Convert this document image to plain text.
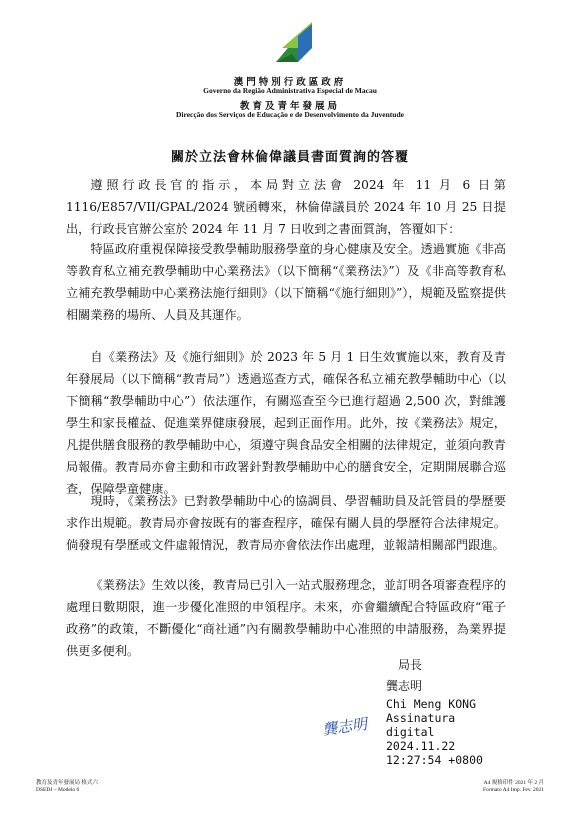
澳門特別行政區政府
Governo da Região Administrativa Especial de Macau
教育及青年發展局
Direcção dos Serviços de Educação e de Desenvolvimento da Juventude
關於立法會林倫偉議員書面質詢的答覆

遵照行政長官的指示，本局對立法會 2024 年 11 月 6 日第1116/E857/VII/GPAL/2024 號函轉來，林倫偉議員於 2024 年 10 月 25 日提出，行政長官辦公室於 2024 年 11 月 7 日收到之書面質詢，答覆如下：

特區政府重視保障接受教學輔助服務學童的身心健康及安全。透過實施《非高等教育私立補充教學輔助中心業務法》（以下簡稱“《業務法》”）及《非高等教育私立補充教學輔助中心業務法施行細則》（以下簡稱“《施行細則》”），規範及監察提供相關業務的場所、人員及其運作。

自《業務法》及《施行細則》於 2023 年 5 月 1 日生效實施以來，教育及青年發展局（以下簡稱“教青局”）透過巡查方式，確保各私立補充教學輔助中心（以下簡稱“教學輔助中心”）依法運作，有關巡查至今已進行超過 2,500 次，對維護學生和家長權益、促進業界健康發展，起到正面作用。此外，按《業務法》規定，凡提供膳食服務的教學輔助中心，須遵守與食品安全相關的法律規定，並須向教青局報備。教青局亦會主動和市政署針對教學輔助中心的膳食安全，定期開展聯合巡查，保障學童健康。

現時，《業務法》已對教學輔助中心的協調員、學習輔助員及託管員的學歷要求作出規範。教青局亦會按既有的審查程序，確保有關人員的學歷符合法律規定。倘發現有學歷或文件虛報情況，教青局亦會依法作出處理，並報請相關部門跟進。

《業務法》生效以後，教青局已引入一站式服務理念，並訂明各項審查程序的處理日數期限，進一步優化准照的申領程序。未來，亦會繼續配合特區政府“電子政務”的政策，不斷優化“商社通”內有關教學輔助中心准照的申請服務，為業界提供更多便利。

局長
龔志明
Chi Meng KONG
Assinatura
digital
2024.11.22
12:27:54 +0800
龔志明
教育及青年發展局 格式六
DSEDJ – Modelo 6
A4 規格印件 2021 年 2 月
Formato A4 Imp. Fev. 2021
